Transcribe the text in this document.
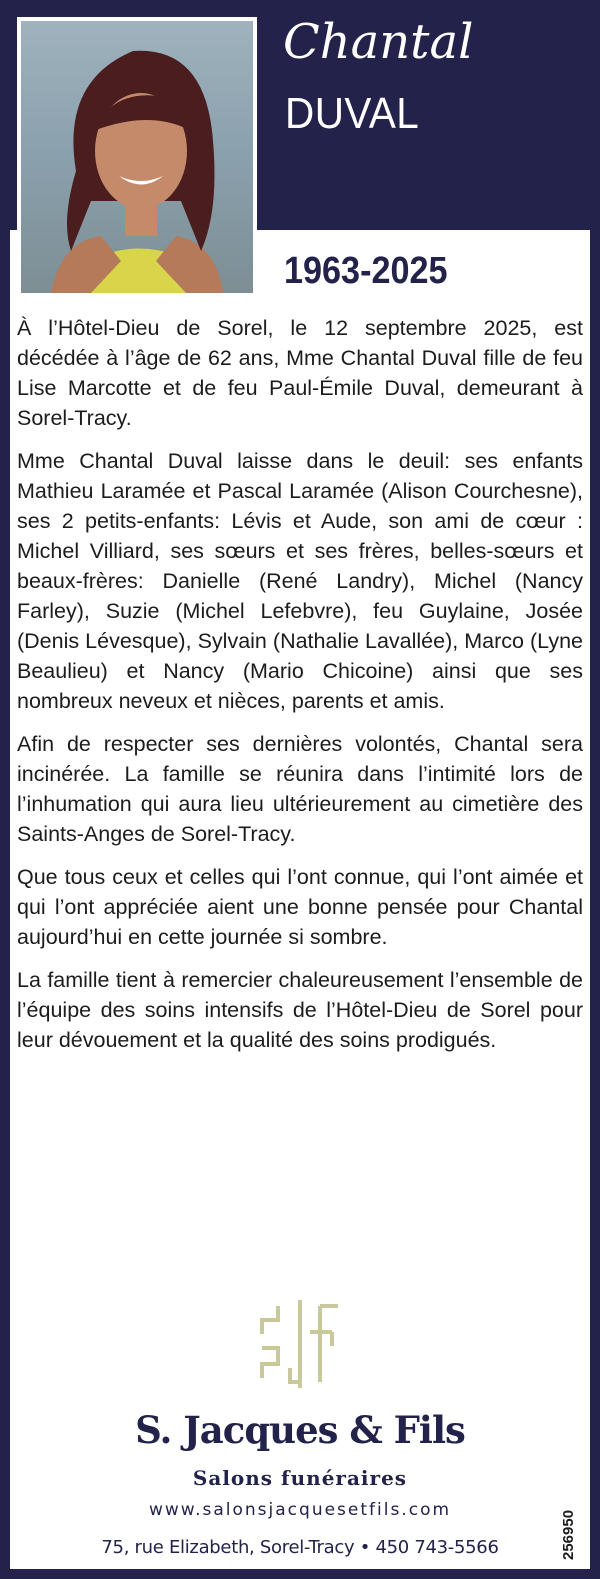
Chantal
DUVAL
1963-2025

À l’Hôtel-Dieu de Sorel, le 12 septembre 2025, est décédée à l’âge de 62 ans, Mme Chantal Duval fille de feu Lise Marcotte et de feu Paul-Émile Duval, demeurant à Sorel-Tracy.

Mme Chantal Duval laisse dans le deuil: ses enfants Mathieu Laramée et Pascal Laramée (Alison Courchesne), ses 2 petits-enfants: Lévis et Aude, son ami de cœur : Michel Villiard, ses sœurs et ses frères, belles-sœurs et beaux-frères: Danielle (René Landry), Michel (Nancy Farley), Suzie (Michel Lefebvre), feu Guylaine, Josée (Denis Lévesque), Sylvain (Nathalie Lavallée), Marco (Lyne Beaulieu) et Nancy (Mario Chicoine) ainsi que ses nombreux neveux et nièces, parents et amis.

Afin de respecter ses dernières volontés, Chantal sera incinérée. La famille se réunira dans l’intimité lors de l’inhumation qui aura lieu ultérieurement au cimetière des Saints-Anges de Sorel-Tracy.

Que tous ceux et celles qui l’ont connue, qui l’ont aimée et qui l’ont appréciée aient une bonne pensée pour Chantal aujourd’hui en cette journée si sombre.

La famille tient à remercier chaleureusement l’ensemble de l’équipe des soins intensifs de l’Hôtel-Dieu de Sorel pour leur dévouement et la qualité des soins prodigués.

S. Jacques & Fils
Salons funéraires
www.salonsjacquesetfils.com
75, rue Elizabeth, Sorel-Tracy • 450 743-5566	256950
